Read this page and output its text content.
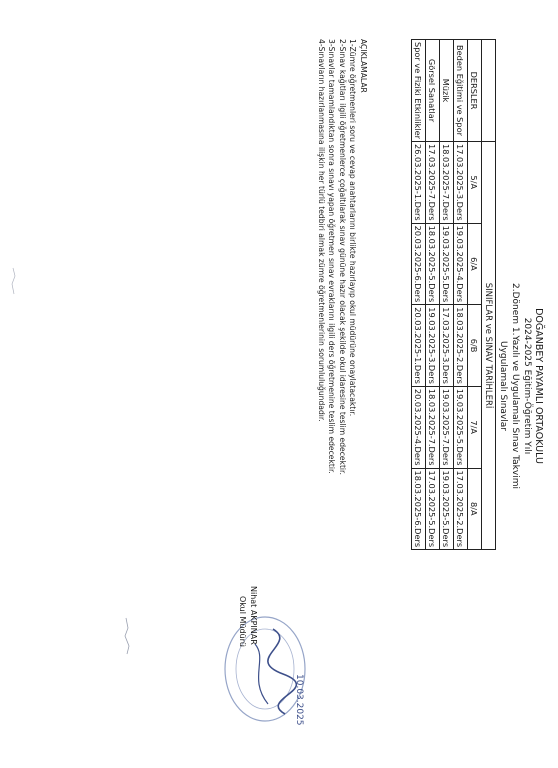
DOĞANBEY PAYAMLI ORTAOKULU
2024-2025 Eğitim-Öğretim Yılı
2.Dönem 1.Yazılı ve Uygulamalı Sınav Takvimi
Uygulamalı Sınavlar
	SINIFLAR ve SINAV TARİHLERİ				
DERSLER	5/A	6/A	6/B	7/A	8/A
Beden Eğitimi ve Spor	17.03.2025-3.Ders	19.03.2025-4.Ders	18.03.2025-2.Ders	19.03.2025-5.Ders	17.03.2025-2.Ders
Müzik	18.03.2025-7.Ders	19.03.2025-5.Ders	17.03.2025-3.Ders	19.03.2025-7.Ders	19.03.2025-5.Ders
Görsel Sanatlar	17.03.2025-7.Ders	18.03.2025-5.Ders	19.03.2025-3.Ders	18.03.2025-7.Ders	17.03.2025-5.Ders
Spor ve Fiziki Etkinlikler	26.03.2025-1.Ders	20.03.2025-6.Ders	20.03.2025-1.Ders	20.03.2025-4.Ders	18.03.2025-6.Ders
AÇIKLAMALAR
1-Zümre öğretmenleri soru ve cevap anahtarlarını birlikte hazırlayıp okul müdürüne onaylatacaktır.
2-Sınav kağıtları ilgili öğretmenlerce çoğaltılarak sınav gününe hazır olacak şekilde okul idaresine teslim edecektir.
3-Sınavlar tamamlandıktan sonra sınavı yapan öğretmen sınav evraklarını ilgili ders öğretmenine teslim edecektir.
4-Sınavların hazırlanmasına ilişkin her türlü tedbiri almak zümre öğretmenlerinin sorumluluğundadır.
10.03.2025
Nihat AKPINAR
Okul Müdürü
